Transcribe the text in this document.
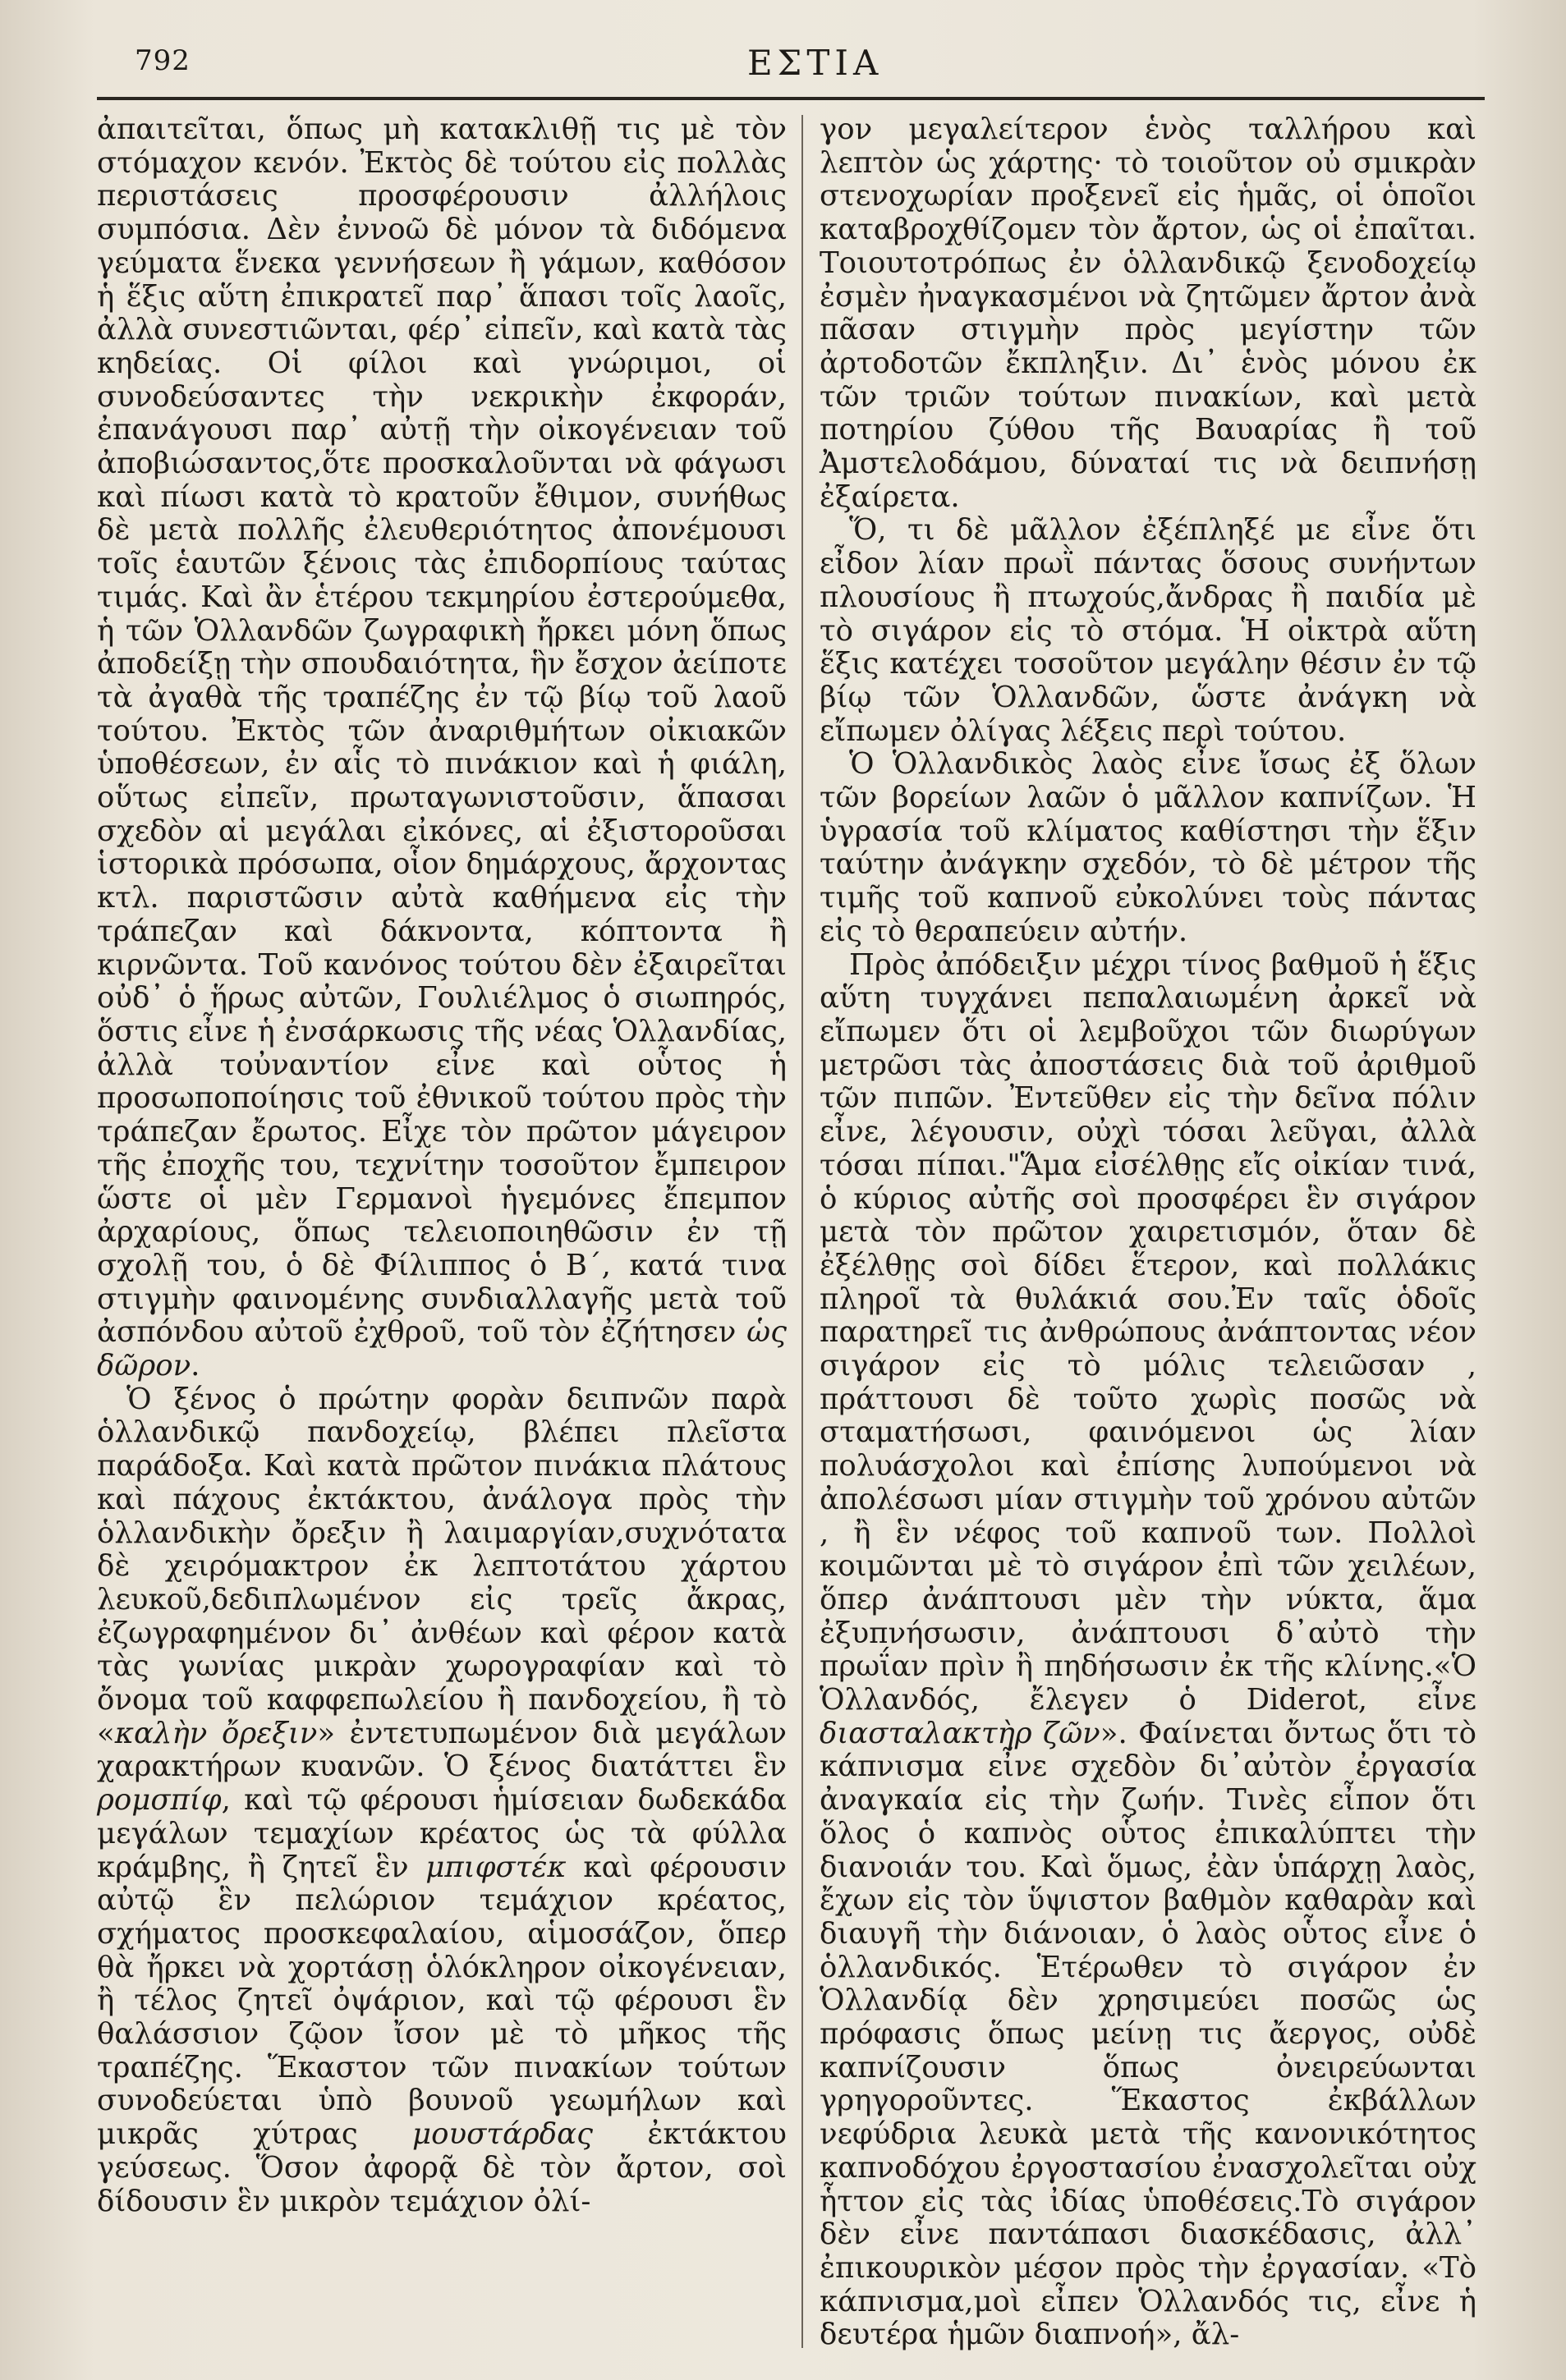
792	ΕΣΤΙΑ

ἀπαιτεῖται, ὅπως μὴ κατακλιθῇ τις μὲ τὸν στόμαχον κενόν. Ἐκτὸς δὲ τούτου εἰς πολλὰς περιστάσεις προσφέρουσιν ἀλλήλοις συμπόσια. Δὲν ἐννοῶ δὲ μόνον τὰ διδόμενα γεύματα ἕνεκα γεννήσεων ἢ γάμων, καθόσον ἡ ἕξις αὕτη ἐπικρατεῖ παρ᾽ ἅπασι τοῖς λαοῖς, ἀλλὰ συνεστιῶνται, φέρ᾽ εἰπεῖν, καὶ κατὰ τὰς κηδείας. Οἱ φίλοι καὶ γνώριμοι, οἱ συνοδεύσαντες τὴν νεκρικὴν ἐκφοράν, ἐπανάγουσι παρ᾽ αὐτῇ τὴν οἰκογένειαν τοῦ ἀποβιώσαντος,ὅτε προσκαλοῦνται νὰ φάγωσι καὶ πίωσι κατὰ τὸ κρατοῦν ἔθιμον, συνήθως δὲ μετὰ πολλῆς ἐλευθεριότητος ἀπονέμουσι τοῖς ἑαυτῶν ξένοις τὰς ἐπιδορπίους ταύτας τιμάς. Καὶ ἂν ἑτέρου τεκμηρίου ἐστερούμεθα, ἡ τῶν Ὁλλανδῶν ζωγραφικὴ ἤρκει μόνη ὅπως ἀποδείξῃ τὴν σπουδαιότητα, ἣν ἔσχον ἀείποτε τὰ ἀγαθὰ τῆς τραπέζης ἐν τῷ βίῳ τοῦ λαοῦ τούτου. Ἐκτὸς τῶν ἀναριθμήτων οἰκιακῶν ὑποθέσεων, ἐν αἷς τὸ πινάκιον καὶ ἡ φιάλη, οὕτως εἰπεῖν, πρωταγωνιστοῦσιν, ἅπασαι σχεδὸν αἱ μεγάλαι εἰκόνες, αἱ ἐξιστοροῦσαι ἱστορικὰ πρόσωπα, οἷον δημάρχους, ἄρχοντας κτλ. παριστῶσιν αὐτὰ καθήμενα εἰς τὴν τράπεζαν καὶ δάκνοντα, κόπτοντα ἢ κιρνῶντα. Τοῦ κανόνος τούτου δὲν ἐξαιρεῖται οὐδ᾽ ὁ ἥρως αὐτῶν, Γουλιέλμος ὁ σιωπηρός, ὅστις εἶνε ἡ ἐνσάρκωσις τῆς νέας Ὁλλανδίας, ἀλλὰ τοὐναντίον εἶνε καὶ οὗτος ἡ προσωποποίησις τοῦ ἐθνικοῦ τούτου πρὸς τὴν τράπεζαν ἔρωτος. Εἶχε τὸν πρῶτον μάγειρον τῆς ἐποχῆς του, τεχνίτην τοσοῦτον ἔμπειρον ὥστε οἱ μὲν Γερμανοὶ ἡγεμόνες ἔπεμπον ἀρχαρίους, ὅπως τελειοποιηθῶσιν ἐν τῇ σχολῇ του, ὁ δὲ Φίλιππος ὁ Β΄, κατά τινα στιγμὴν φαινομένης συνδιαλλαγῆς μετὰ τοῦ ἀσπόνδου αὐτοῦ ἐχθροῦ, τοῦ τὸν ἐζήτησεν ὡς δῶρον.

Ὁ ξένος ὁ πρώτην φορὰν δειπνῶν παρὰ ὁλλανδικῷ πανδοχείῳ, βλέπει πλεῖστα παράδοξα. Καὶ κατὰ πρῶτον πινάκια πλάτους καὶ πάχους ἐκτάκτου, ἀνάλογα πρὸς τὴν ὁλλανδικὴν ὄρεξιν ἢ λαιμαργίαν,συχνότατα δὲ χειρόμακτρον ἐκ λεπτοτάτου χάρτου λευκοῦ,δεδιπλωμένον εἰς τρεῖς ἄκρας, ἐζωγραφημένον δι᾽ ἀνθέων καὶ φέρον κατὰ τὰς γωνίας μικρὰν χωρογραφίαν καὶ τὸ ὄνομα τοῦ καφφεπωλείου ἢ πανδοχείου, ἢ τὸ «καλὴν ὄρεξιν» ἐντετυπωμένον διὰ μεγάλων χαρακτήρων κυανῶν. Ὁ ξένος διατάττει ἓν ρομσπίφ, καὶ τῷ φέρουσι ἡμίσειαν δωδεκάδα μεγάλων τεμαχίων κρέατος ὡς τὰ φύλλα κράμβης, ἢ ζητεῖ ἓν μπιφστέκ καὶ φέρουσιν αὐτῷ ἓν πελώριον τεμάχιον κρέατος, σχήματος προσκεφαλαίου, αἱμοσάζον, ὅπερ θὰ ἤρκει νὰ χορτάσῃ ὁλόκληρον οἰκογένειαν, ἢ τέλος ζητεῖ ὀψάριον, καὶ τῷ φέρουσι ἓν θαλάσσιον ζῷον ἴσον μὲ τὸ μῆκος τῆς τραπέζης. Ἕκαστον τῶν πινακίων τούτων συνοδεύεται ὑπὸ βουνοῦ γεωμήλων καὶ μικρᾶς χύτρας μουστάρδας ἐκτάκτου γεύσεως. Ὅσον ἀφορᾷ δὲ τὸν ἄρτον, σοὶ δίδουσιν ἓν μικρὸν τεμάχιον ὀλί-

γον μεγαλείτερον ἑνὸς ταλλήρου καὶ λεπτὸν ὡς χάρτης· τὸ τοιοῦτον οὐ σμικρὰν στενοχωρίαν προξενεῖ εἰς ἡμᾶς, οἱ ὁποῖοι καταβροχθίζομεν τὸν ἄρτον, ὡς οἱ ἐπαῖται. Τοιουτοτρόπως ἐν ὁλλανδικῷ ξενοδοχείῳ ἐσμὲν ἠναγκασμένοι νὰ ζητῶμεν ἄρτον ἀνὰ πᾶσαν στιγμὴν πρὸς μεγίστην τῶν ἀρτοδοτῶν ἔκπληξιν. Δι᾽ ἑνὸς μόνου ἐκ τῶν τριῶν τούτων πινακίων, καὶ μετὰ ποτηρίου ζύθου τῆς Βαυαρίας ἢ τοῦ Ἀμστελοδάμου, δύναταί τις νὰ δειπνήσῃ ἐξαίρετα.

Ὅ, τι δὲ μᾶλλον ἐξέπληξέ με εἶνε ὅτι εἶδον λίαν πρωῒ πάντας ὅσους συνήντων πλουσίους ἢ πτωχούς,ἄνδρας ἢ παιδία μὲ τὸ σιγάρον εἰς τὸ στόμα. Ἡ οἰκτρὰ αὕτη ἕξις κατέχει τοσοῦτον μεγάλην θέσιν ἐν τῷ βίῳ τῶν Ὁλλανδῶν, ὥστε ἀνάγκη νὰ εἴπωμεν ὀλίγας λέξεις περὶ τούτου.

Ὁ Ὁλλανδικὸς λαὸς εἶνε ἴσως ἐξ ὅλων τῶν βορείων λαῶν ὁ μᾶλλον καπνίζων. Ἡ ὑγρασία τοῦ κλίματος καθίστησι τὴν ἕξιν ταύτην ἀνάγκην σχεδόν, τὸ δὲ μέτρον τῆς τιμῆς τοῦ καπνοῦ εὐκολύνει τοὺς πάντας εἰς τὸ θεραπεύειν αὐτήν.

Πρὸς ἀπόδειξιν μέχρι τίνος βαθμοῦ ἡ ἕξις αὕτη τυγχάνει πεπαλαιωμένη ἀρκεῖ νὰ εἴπωμεν ὅτι οἱ λεμβοῦχοι τῶν διωρύγων μετρῶσι τὰς ἀποστάσεις διὰ τοῦ ἀριθμοῦ τῶν πιπῶν. Ἐντεῦθεν εἰς τὴν δεῖνα πόλιν εἶνε, λέγουσιν, οὐχὶ τόσαι λεῦγαι, ἀλλὰ τόσαι πίπαι."Ἅμα εἰσέλθῃς εἴς οἰκίαν τινά, ὁ κύριος αὐτῆς σοὶ προσφέρει ἓν σιγάρον μετὰ τὸν πρῶτον χαιρετισμόν, ὅταν δὲ ἐξέλθῃς σοὶ δίδει ἕτερον, καὶ πολλάκις πληροῖ τὰ θυλάκιά σου.Ἐν ταῖς ὁδοῖς παρατηρεῖ τις ἀνθρώπους ἀνάπτοντας νέον σιγάρον εἰς τὸ μόλις τελειῶσαν , πράττουσι δὲ τοῦτο χωρὶς ποσῶς νὰ σταματήσωσι, φαινόμενοι ὡς λίαν πολυάσχολοι καὶ ἐπίσης λυπούμενοι νὰ ἀπολέσωσι μίαν στιγμὴν τοῦ χρόνου αὐτῶν , ἢ ἓν νέφος τοῦ καπνοῦ των. Πολλοὶ κοιμῶνται μὲ τὸ σιγάρον ἐπὶ τῶν χειλέων, ὅπερ ἀνάπτουσι μὲν τὴν νύκτα, ἅμα ἐξυπνήσωσιν, ἀνάπτουσι δ᾽αὐτὸ τὴν πρωΐαν πρὶν ἢ πηδήσωσιν ἐκ τῆς κλίνης.«Ὁ Ὁλλανδός, ἔλεγεν ὁ Diderot, εἶνε διασταλακτὴρ ζῶν». Φαίνεται ὄντως ὅτι τὸ κάπνισμα εἶνε σχεδὸν δι᾽αὐτὸν ἐργασία ἀναγκαία εἰς τὴν ζωήν. Τινὲς εἶπον ὅτι ὅλος ὁ καπνὸς οὗτος ἐπικαλύπτει τὴν διανοιάν του. Καὶ ὅμως, ἐὰν ὑπάρχῃ λαὸς, ἔχων εἰς τὸν ὕψιστον βαθμὸν καθαρὰν καὶ διαυγῆ τὴν διάνοιαν, ὁ λαὸς οὗτος εἶνε ὁ ὁλλανδικός. Ἑτέρωθεν τὸ σιγάρον ἐν Ὁλλανδίᾳ δὲν χρησιμεύει ποσῶς ὡς πρόφασις ὅπως μείνῃ τις ἄεργος, οὐδὲ καπνίζουσιν ὅπως ὀνειρεύωνται γρηγοροῦντες. Ἕκαστος ἐκβάλλων νεφύδρια λευκὰ μετὰ τῆς κανονικότητος καπνοδόχου ἐργοστασίου ἐνασχολεῖται οὐχ ἧττον εἰς τὰς ἰδίας ὑποθέσεις.Τὸ σιγάρον δὲν εἶνε παντάπασι διασκέδασις, ἀλλ᾽ ἐπικουρικὸν μέσον πρὸς τὴν ἐργασίαν. «Τὸ κάπνισμα,μοὶ εἶπεν Ὁλλανδός τις, εἶνε ἡ δευτέρα ἡμῶν διαπνοή», ἄλ-
